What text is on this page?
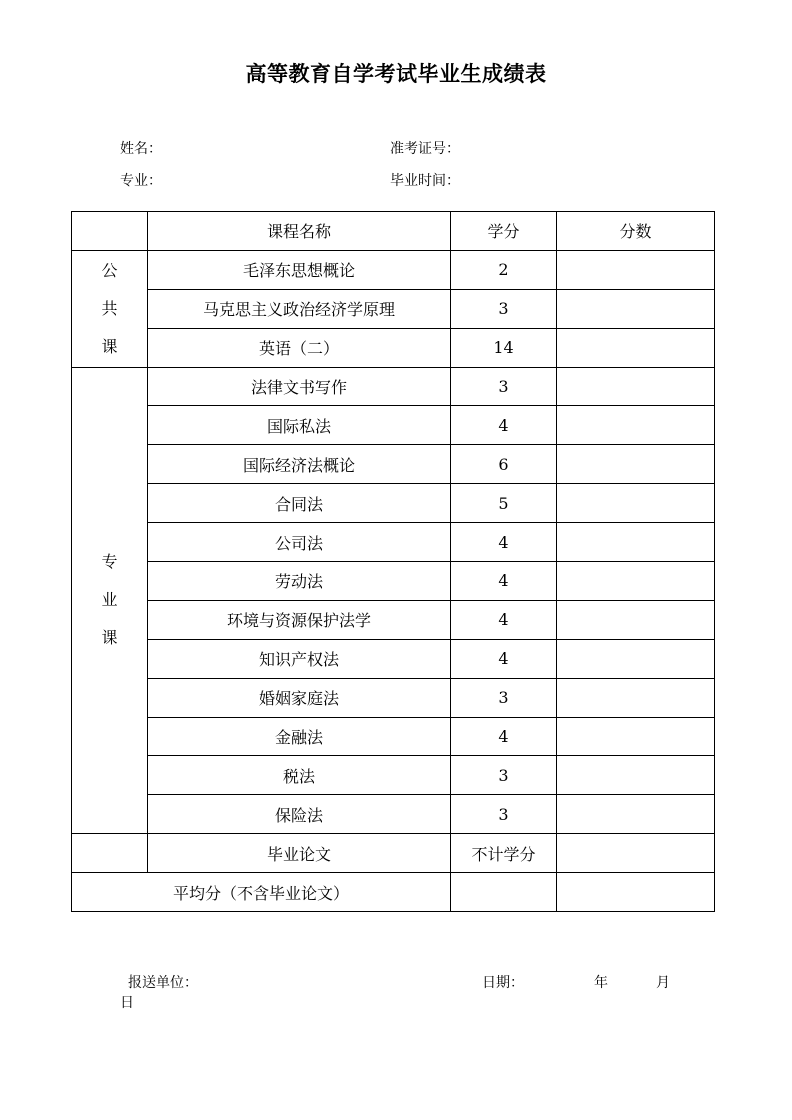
高等教育自学考试毕业生成绩表
姓名：	准考证号：
专业：	毕业时间：
	课程名称	学分	分数

公
共
课	毛泽东思想概论	2	
	马克思主义政治经济学原理	3	
	英语（二）	14	

专
业
课	法律文书写作	3	
	国际私法	4	
	国际经济法概论	6	
	合同法	5	
	公司法	4	
	劳动法	4	
	环境与资源保护法学	4	
	知识产权法	4	
	婚姻家庭法	3	
	金融法	4	
	税法	3	
	保险法	3	
	毕业论文	不计学分	
平均分（不含毕业论文）			
报送单位：	日期：	年	月
日
